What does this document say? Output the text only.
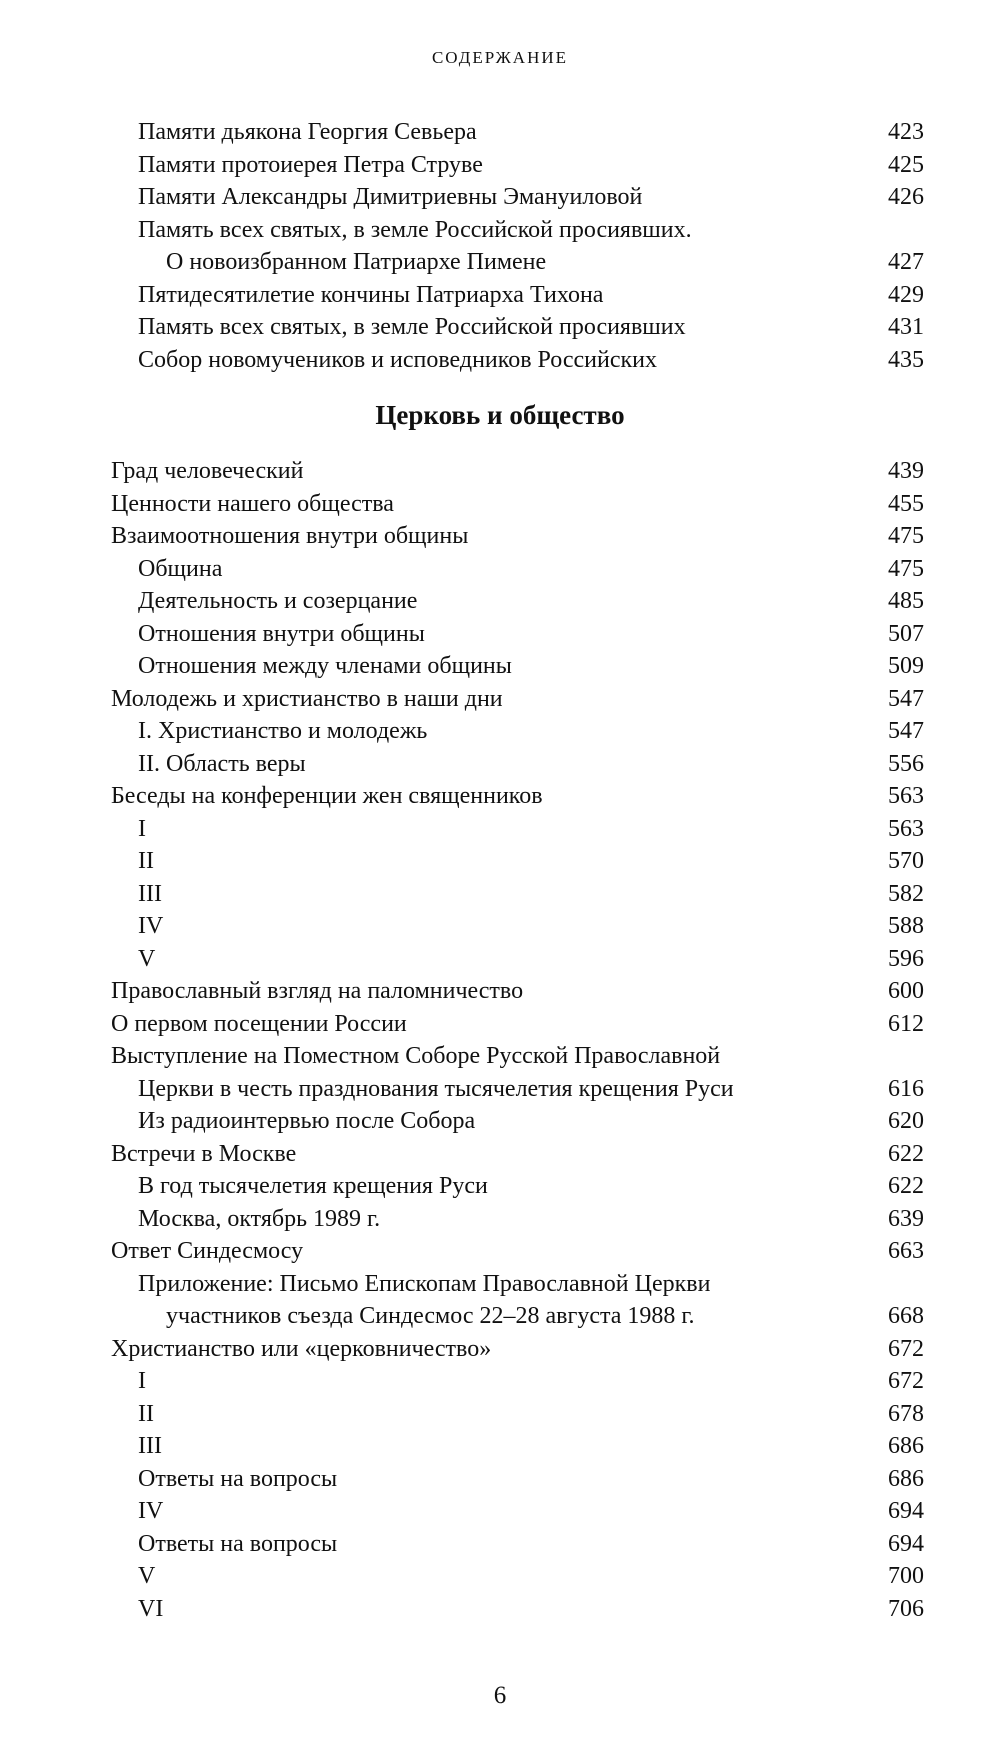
СОДЕРЖАНИЕ
Памяти дьякона Георгия Севьера	423
Памяти протоиерея Петра Струве	425
Памяти Александры Димитриевны Эмануиловой	426
Память всех святых, в земле Российской просиявших.
О новоизбранном Патриархе Пимене	427
Пятидесятилетие кончины Патриарха Тихона	429
Память всех святых, в земле Российской просиявших	431
Собор новомучеников и исповедников Российских	435
Церковь и общество
Град человеческий	439
Ценности нашего общества	455
Взаимоотношения внутри общины	475
Община	475
Деятельность и созерцание	485
Отношения внутри общины	507
Отношения между членами общины	509
Молодежь и христианство в наши дни	547
I. Христианство и молодежь	547
II. Область веры	556
Беседы на конференции жен священников	563
I	563
II	570
III	582
IV	588
V	596
Православный взгляд на паломничество	600
О первом посещении России	612
Выступление на Поместном Соборе Русской Православной
Церкви в честь празднования тысячелетия крещения Руси	616
Из радиоинтервью после Собора	620
Встречи в Москве	622
В год тысячелетия крещения Руси	622
Москва, октябрь 1989 г.	639
Ответ Синдесмосу	663
Приложение: Письмо Епископам Православной Церкви
участников съезда Синдесмос 22–28 августа 1988 г.	668
Христианство или «церковничество»	672
I	672
II	678
III	686
Ответы на вопросы	686
IV	694
Ответы на вопросы	694
V	700
VI	706
6
